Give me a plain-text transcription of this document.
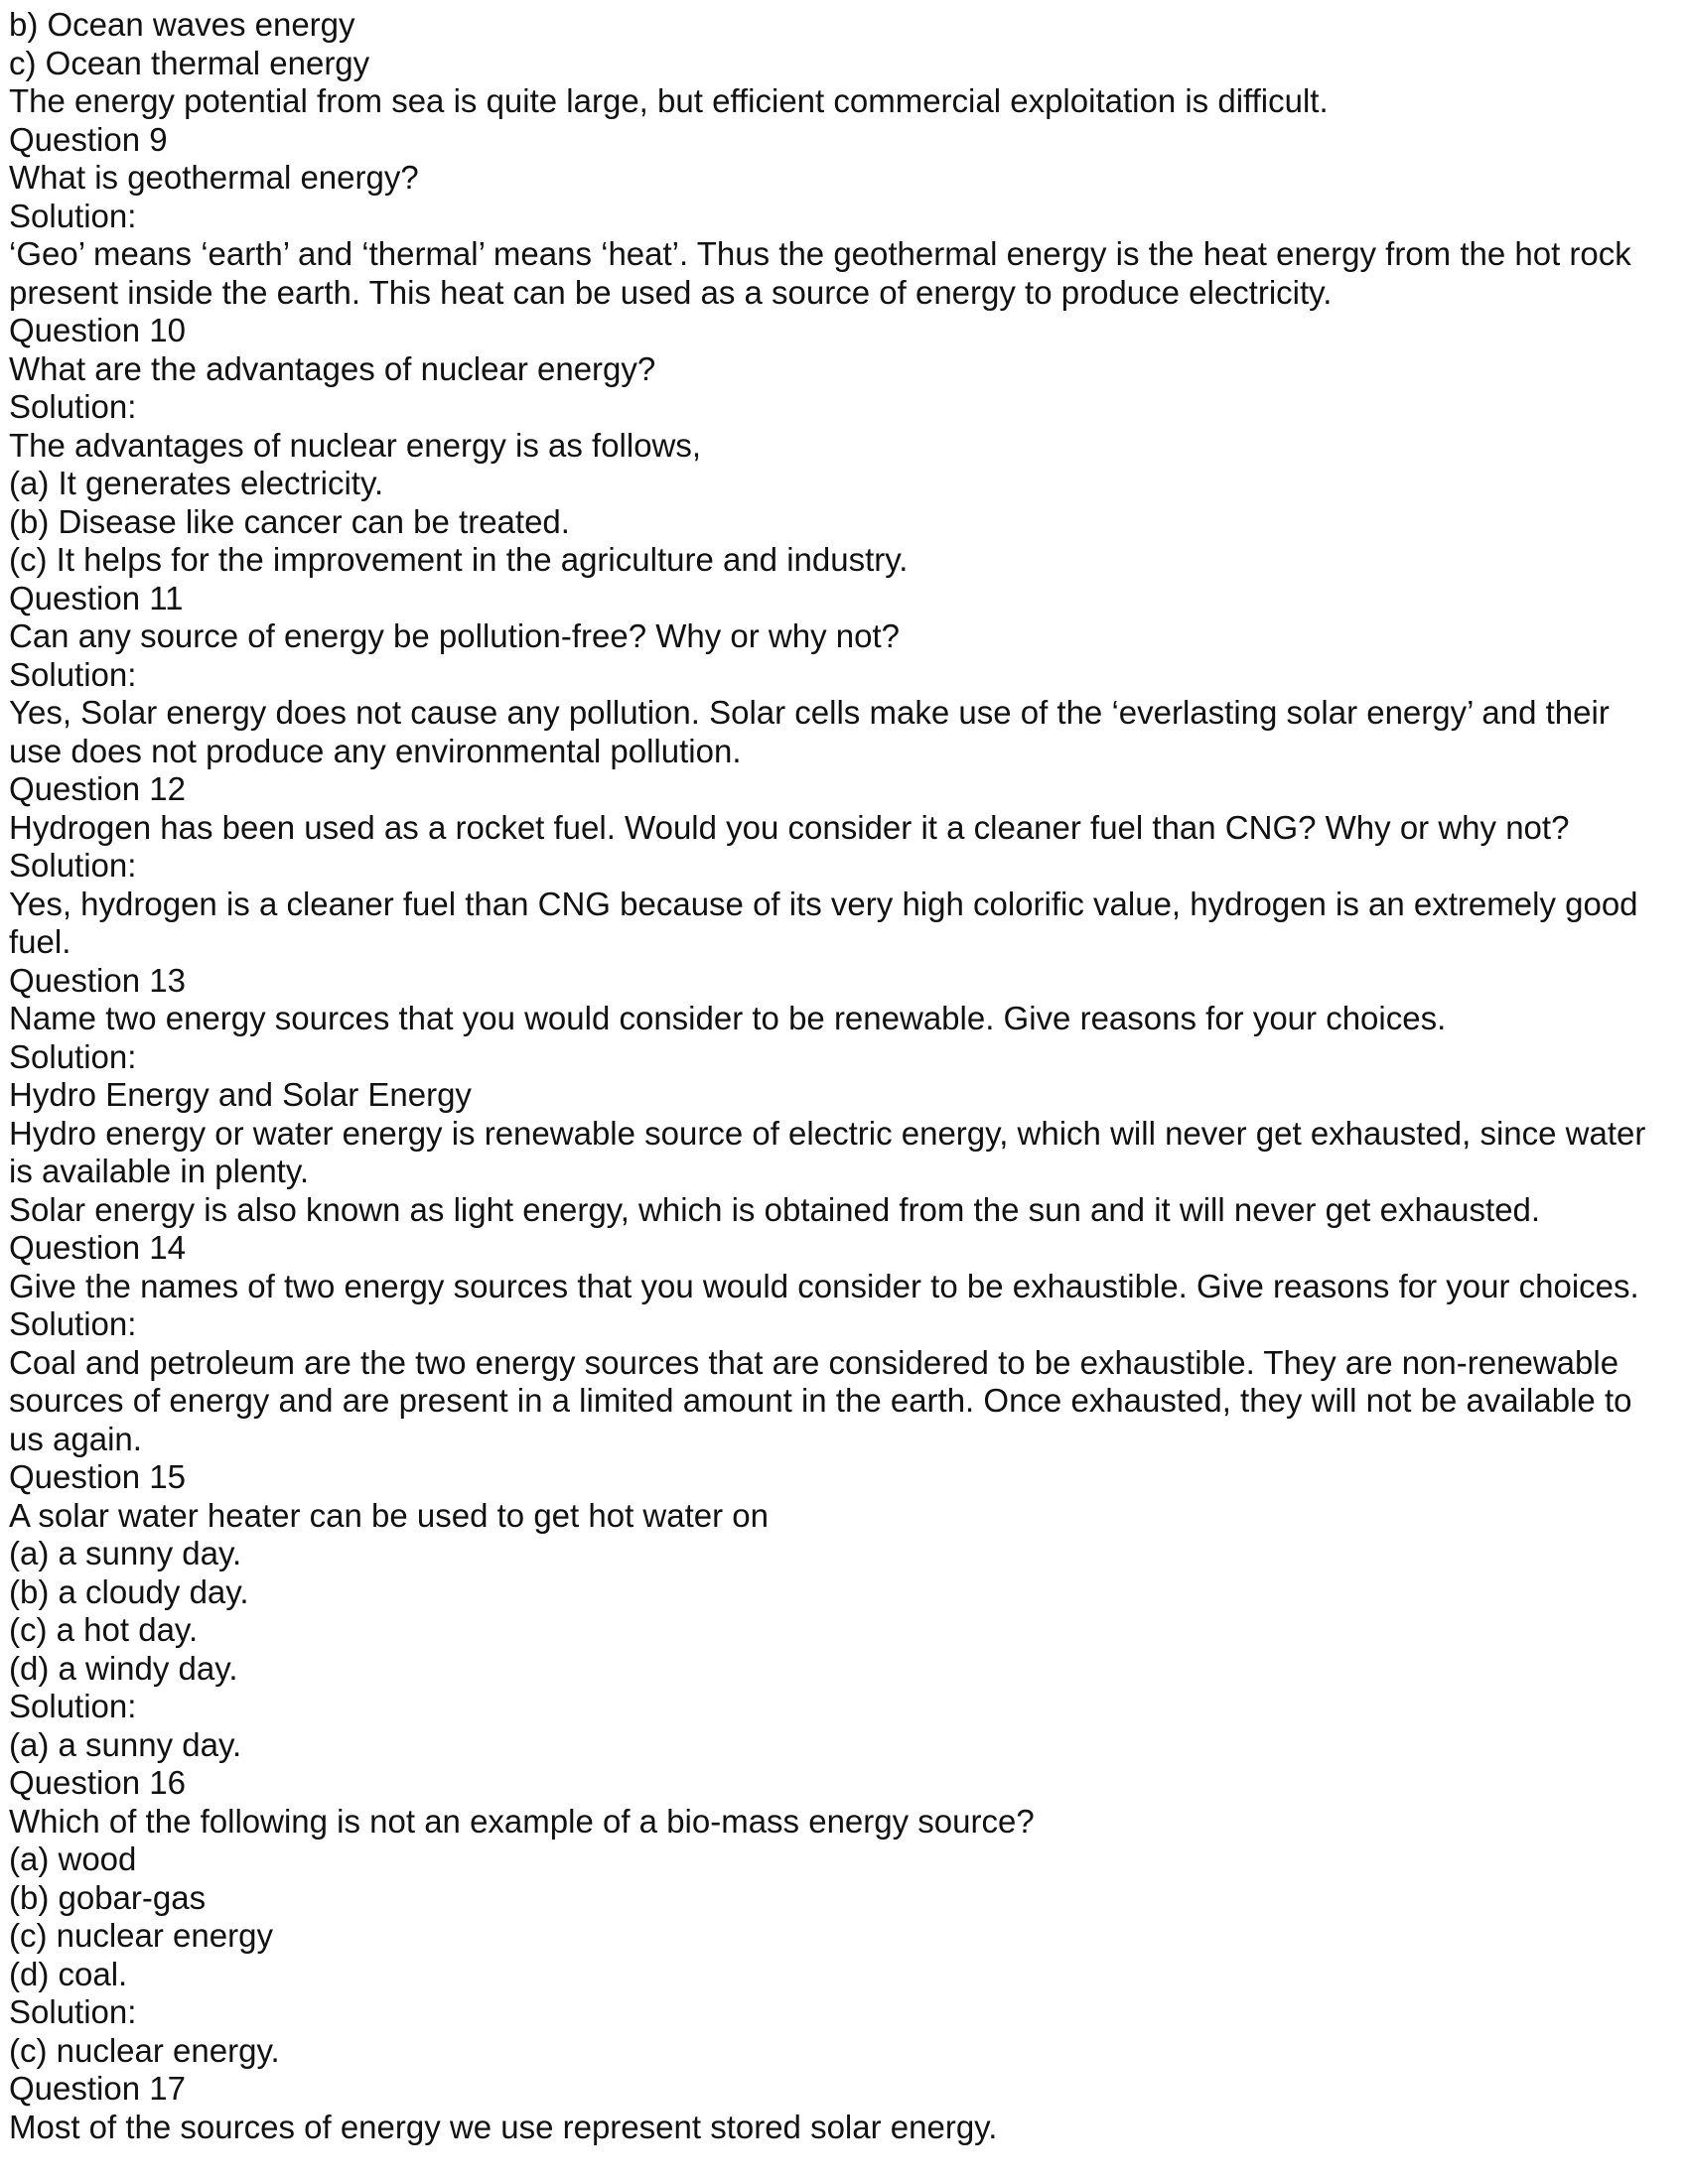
b) Ocean waves energy
c) Ocean thermal energy
The energy potential from sea is quite large, but efficient commercial exploitation is difficult.
Question 9
What is geothermal energy?
Solution:
‘Geo’ means ‘earth’ and ‘thermal’ means ‘heat’. Thus the geothermal energy is the heat energy from the hot rock
present inside the earth. This heat can be used as a source of energy to produce electricity.
Question 10
What are the advantages of nuclear energy?
Solution:
The advantages of nuclear energy is as follows,
(a) It generates electricity.
(b) Disease like cancer can be treated.
(c) It helps for the improvement in the agriculture and industry.
Question 11
Can any source of energy be pollution-free? Why or why not?
Solution:
Yes, Solar energy does not cause any pollution. Solar cells make use of the ‘everlasting solar energy’ and their
use does not produce any environmental pollution.
Question 12
Hydrogen has been used as a rocket fuel. Would you consider it a cleaner fuel than CNG? Why or why not?
Solution:
Yes, hydrogen is a cleaner fuel than CNG because of its very high colorific value, hydrogen is an extremely good
fuel.
Question 13
Name two energy sources that you would consider to be renewable. Give reasons for your choices.
Solution:
Hydro Energy and Solar Energy
Hydro energy or water energy is renewable source of electric energy, which will never get exhausted, since water
is available in plenty.
Solar energy is also known as light energy, which is obtained from the sun and it will never get exhausted.
Question 14
Give the names of two energy sources that you would consider to be exhaustible. Give reasons for your choices.
Solution:
Coal and petroleum are the two energy sources that are considered to be exhaustible. They are non-renewable
sources of energy and are present in a limited amount in the earth. Once exhausted, they will not be available to
us again.
Question 15
A solar water heater can be used to get hot water on
(a) a sunny day.
(b) a cloudy day.
(c) a hot day.
(d) a windy day.
Solution:
(a) a sunny day.
Question 16
Which of the following is not an example of a bio-mass energy source?
(a) wood
(b) gobar-gas
(c) nuclear energy
(d) coal.
Solution:
(c) nuclear energy.
Question 17
Most of the sources of energy we use represent stored solar energy.
